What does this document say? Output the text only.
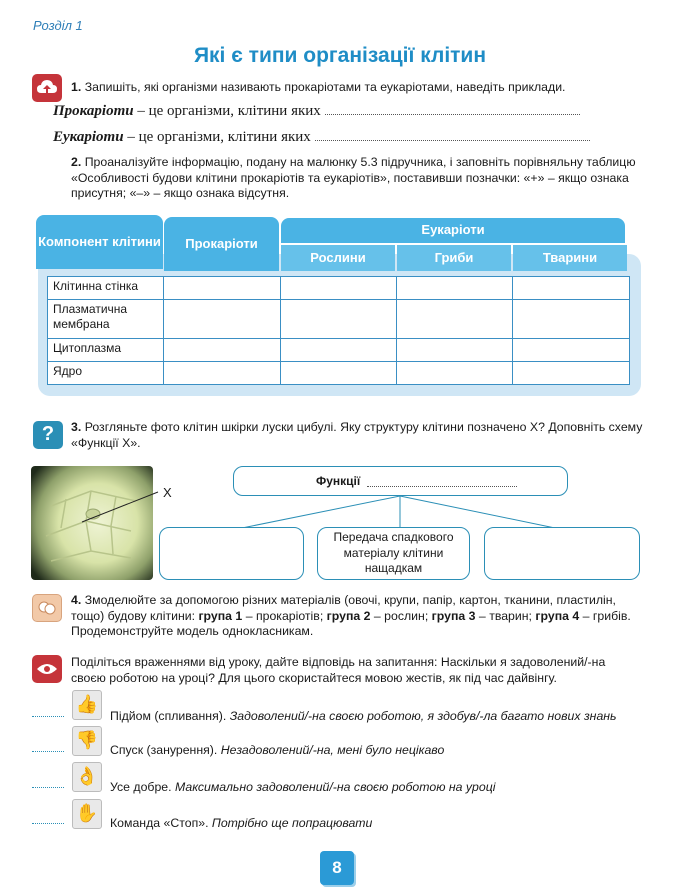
Розділ 1
Які є типи організації клітин
1. Запишіть, які організми називають прокаріотами та еукаріотами, наведіть приклади.
Прокаріоти – це організми, клітини яких
Еукаріоти – це організми, клітини яких
2. Проаналізуйте інформацію, подану на малюнку 5.3 підручника, і заповніть порівняльну таблицю «Особливості будови клітини прокаріотів та еукаріотів», поставивши позначки: «+» – якщо ознака присутня; «–» – якщо ознака відсутня.
Компонент клітини	Прокаріоти
Еукаріоти
Рослини	Гриби	Тварини
Клітинна стінка				
Плазматична мембрана				
Цитоплазма				
Ядро				
? 3. Розгляньте фото клітин шкірки луски цибулі. Яку структуру клітини позначено Х? Доповніть схему «Функції Х».
Х
Функції
Передача спадкового матеріалу клітини нащадкам
4. Змоделюйте за допомогою різних матеріалів (овочі, крупи, папір, картон, тканини, пластилін, тощо) будову клітини: група 1 – прокаріотів; група 2 – рослин; група 3 – тварин; група 4 – грибів. Продемонструйте модель однокласникам.
Поділіться враженнями від уроку, дайте відповідь на запитання: Наскільки я задоволений/-на своєю роботою на уроці? Для цього скористайтеся мовою жестів, як під час дайвінгу.
👍
Підйом (спливання). Задоволений/-на своєю роботою, я здобув/-ла багато нових знань
👎 Спуск (занурення). Незадоволений/-на, мені було нецікаво
👌
Усе добре. Максимально задоволений/-на своєю роботою на уроці
✋ Команда «Стоп». Потрібно ще попрацювати
8
